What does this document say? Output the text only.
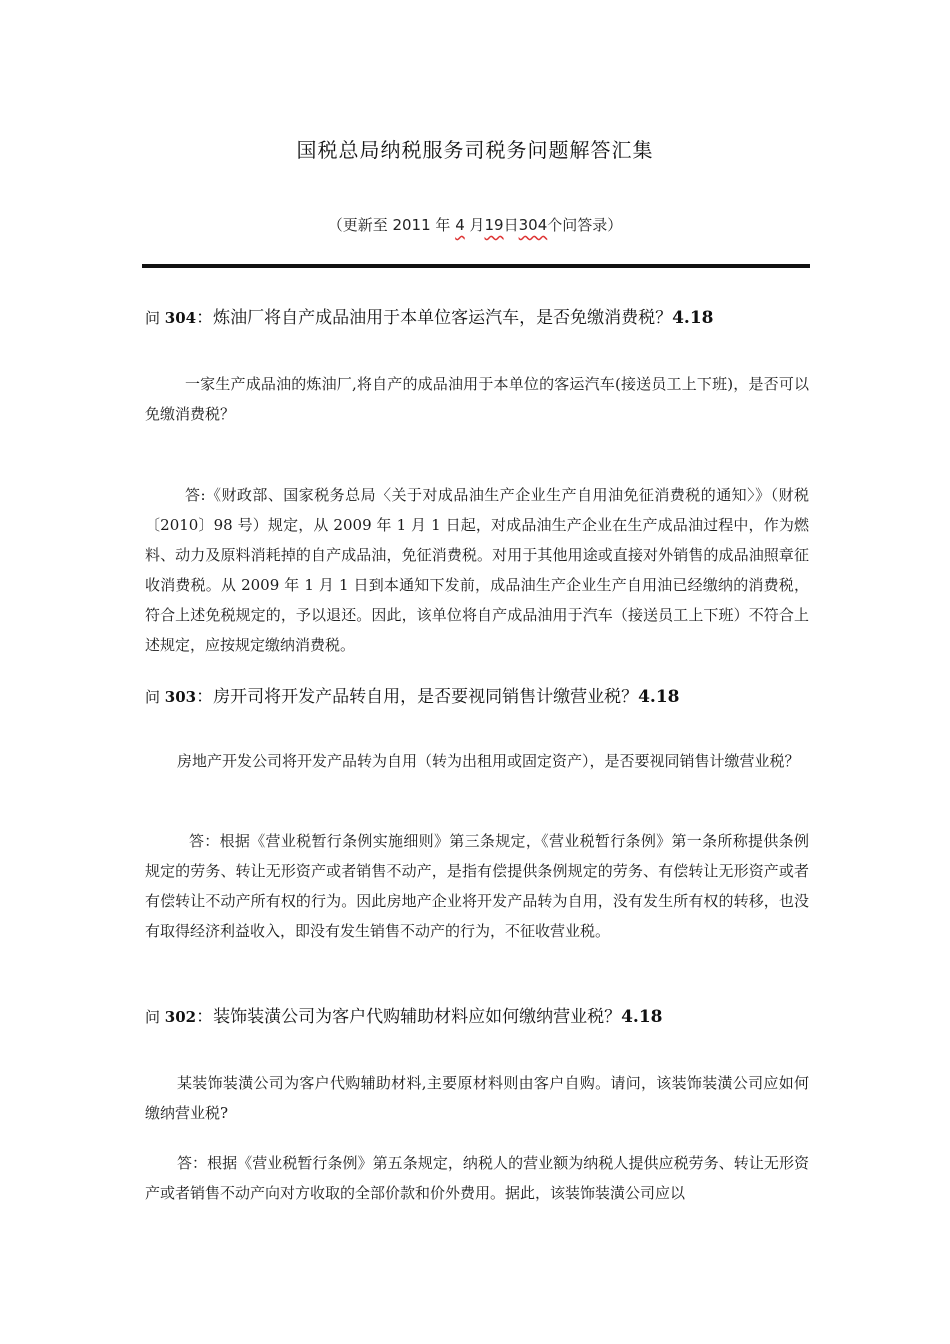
国税总局纳税服务司税务问题解答汇集
（更新至 2011 年 4 月19日304个问答录）
问 304：炼油厂将自产成品油用于本单位客运汽车，是否免缴消费税？4.18
一家生产成品油的炼油厂,将自产的成品油用于本单位的客运汽车(接送员工上下班)，是否可以免缴消费税？
答:《财政部、国家税务总局〈关于对成品油生产企业生产自用油免征消费税的通知〉》（财税〔2010〕98 号）规定，从 2009 年 1 月 1 日起，对成品油生产企业在生产成品油过程中，作为燃料、动力及原料消耗掉的自产成品油，免征消费税。对用于其他用途或直接对外销售的成品油照章征收消费税。从 2009 年 1 月 1 日到本通知下发前，成品油生产企业生产自用油已经缴纳的消费税，符合上述免税规定的，予以退还。因此，该单位将自产成品油用于汽车（接送员工上下班）不符合上述规定，应按规定缴纳消费税。
问 303：房开司将开发产品转自用，是否要视同销售计缴营业税？4.18
房地产开发公司将开发产品转为自用（转为出租用或固定资产），是否要视同销售计缴营业税？
答：根据《营业税暂行条例实施细则》第三条规定，《营业税暂行条例》第一条所称提供条例规定的劳务、转让无形资产或者销售不动产，是指有偿提供条例规定的劳务、有偿转让无形资产或者有偿转让不动产所有权的行为。因此房地产企业将开发产品转为自用，没有发生所有权的转移，也没有取得经济利益收入，即没有发生销售不动产的行为，不征收营业税。
问 302：装饰装潢公司为客户代购辅助材料应如何缴纳营业税？4.18
某装饰装潢公司为客户代购辅助材料,主要原材料则由客户自购。请问，该装饰装潢公司应如何缴纳营业税?
答：根据《营业税暂行条例》第五条规定，纳税人的营业额为纳税人提供应税劳务、转让无形资产或者销售不动产向对方收取的全部价款和价外费用。据此，该装饰装潢公司应以
